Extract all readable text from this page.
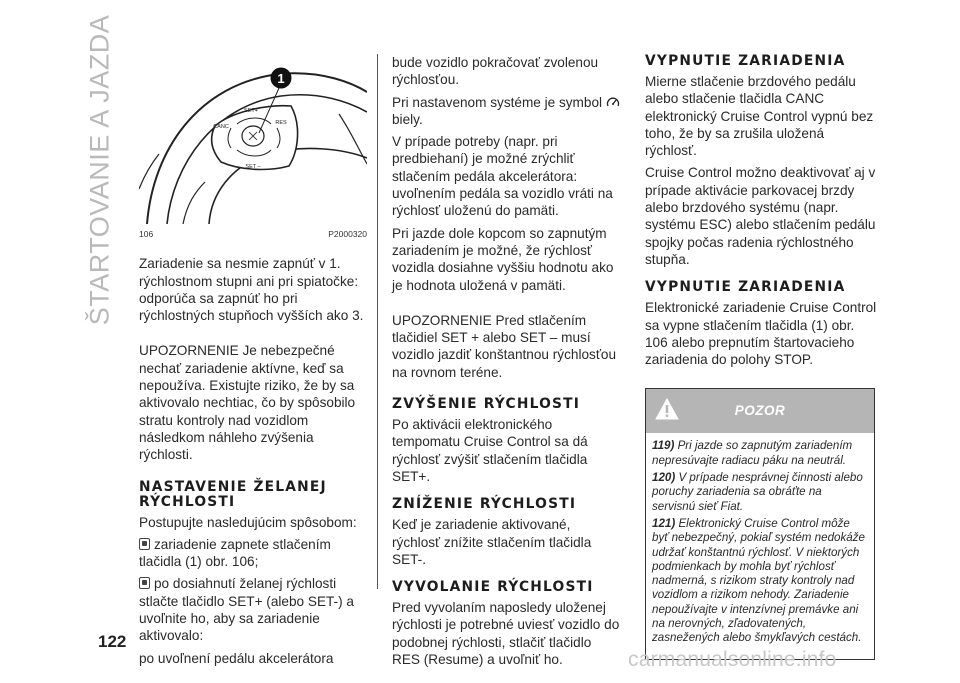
ŠTARTOVANIE A JAZDA	SET+
CANC
RES
SET –
1
106	P2000320

Zariadenie sa nesmie zapnúť v 1. rýchlostnom stupni ani pri spiatočke: odporúča sa zapnúť ho pri rýchlostných stupňoch vyšších ako 3.

UPOZORNENIE Je nebezpečné nechať zariadenie aktívne, keď sa nepoužíva. Existujte riziko, že by sa aktivovalo nechtiac, čo by spôsobilo stratu kontroly nad vozidlom následkom náhleho zvýšenia rýchlosti.

NASTAVENIE ŽELANEJ RÝCHLOSTI

Postupujte nasledujúcim spôsobom:

zariadenie zapnete stlačením tlačidla (1) obr. 106;

po dosiahnutí želanej rýchlosti stlačte tlačidlo SET+ (alebo SET-) a uvoľnite ho, aby sa zariadenie aktivovalo:

po uvoľnení pedálu akcelerátora

bude vozidlo pokračovať zvolenou rýchlosťou.

Pri nastavenom systéme je symbol
biely.

V prípade potreby (napr. pri predbiehaní) je možné zrýchliť stlačením pedála akcelerátora: uvoľnením pedála sa vozidlo vráti na rýchlosť uloženú do pamäti.

Pri jazde dole kopcom so zapnutým zariadením je možné, že rýchlosť vozidla dosiahne vyššiu hodnotu ako je hodnota uložená v pamäti.

UPOZORNENIE Pred stlačením tlačidiel SET + alebo SET – musí vozidlo jazdiť konštantnou rýchlosťou na rovnom teréne.

ZVÝŠENIE RÝCHLOSTI

Po aktivácii elektronického tempomatu Cruise Control sa dá rýchlosť zvýšiť stlačením tlačidla SET+.

ZNÍŽENIE RÝCHLOSTI

Keď je zariadenie aktivované, rýchlosť znížite stlačením tlačidla SET-.

VYVOLANIE RÝCHLOSTI

Pred vyvolaním naposledy uloženej rýchlosti je potrebné uviesť vozidlo do podobnej rýchlosti, stlačiť tlačidlo RES (Resume) a uvoľniť ho.

VYPNUTIE ZARIADENIA

Mierne stlačenie brzdového pedálu alebo stlačenie tlačidla CANC elektronický Cruise Control vypnú bez toho, že by sa zrušila uložená rýchlosť.

Cruise Control možno deaktivovať aj v prípade aktivácie parkovacej brzdy alebo brzdového systému (napr. systému ESC) alebo stlačením pedálu spojky počas radenia rýchlostného stupňa.

VYPNUTIE ZARIADENIA

Elektronické zariadenie Cruise Control sa vypne stlačením tlačidla (1) obr. 106 alebo prepnutím štartovacieho zariadenia do polohy STOP.

POZOR

119) Pri jazde so zapnutým zariadením nepresúvajte radiacu páku na neutrál.

120) V prípade nesprávnej činnosti alebo poruchy zariadenia sa obráťte na servisnú sieť Fiat.

121) Elektronický Cruise Control môže byť nebezpečný, pokiaľ systém nedokáže udržať konštantnú rýchlosť. V niektorých podmienkach by mohla byť rýchlosť nadmerná, s rizikom straty kontroly nad vozidlom a rizikom nehody. Zariadenie nepoužívajte v intenzívnej premávke ani na nerovných, zľadovatených, zasnežených alebo šmykľavých cestách.

122
carmanualsonline.info
